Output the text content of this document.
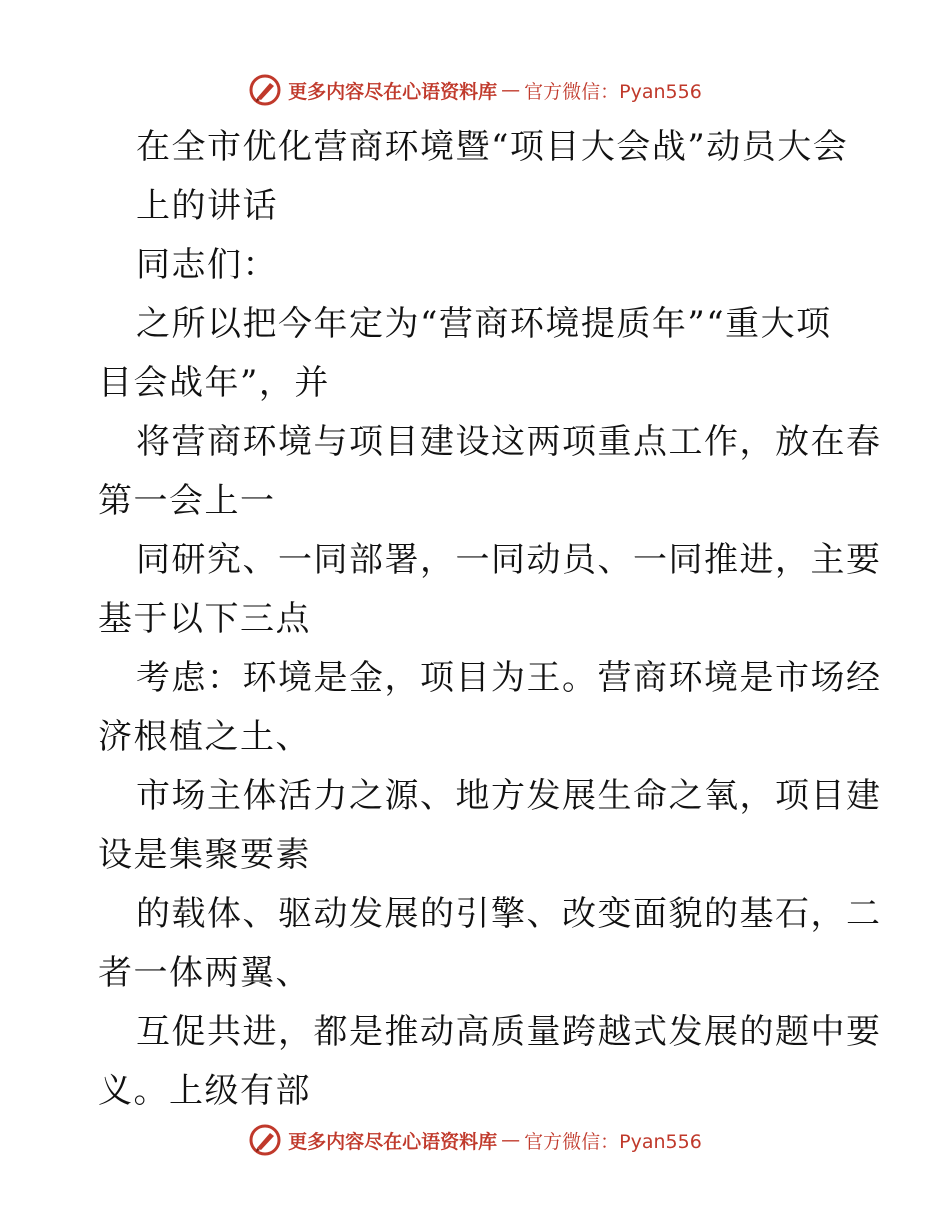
更多内容尽在心语资料库 — 官方微信：Pyan556
在全市优化营商环境暨“项目大会战”动员大会
上的讲话
同志们：
之所以把今年定为“营商环境提质年”“重大项
目会战年”，并
将营商环境与项目建设这两项重点工作，放在春
第一会上一
同研究、一同部署，一同动员、一同推进，主要
基于以下三点
考虑：环境是金，项目为王。营商环境是市场经
济根植之土、
市场主体活力之源、地方发展生命之氧，项目建
设是集聚要素
的载体、驱动发展的引擎、改变面貌的基石，二
者一体两翼、
互促共进，都是推动高质量跨越式发展的题中要
义。上级有部
更多内容尽在心语资料库 — 官方微信：Pyan556
